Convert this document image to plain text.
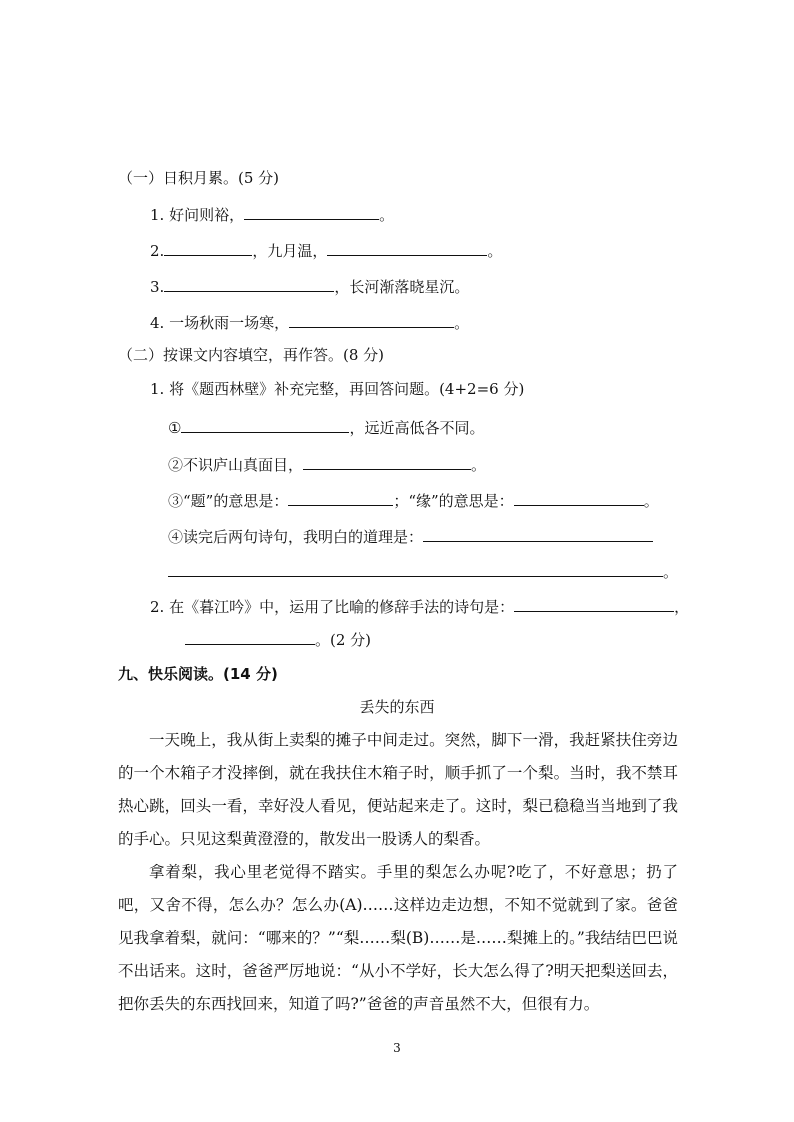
（一）日积月累。(5 分)
1. 好问则裕，	。
2.	，九月温，	。
3.	，长河渐落晓星沉。
4. 一场秋雨一场寒，	。
（二）按课文内容填空，再作答。(8 分)
1. 将《题西林壁》补充完整，再回答问题。(4+2=6 分)
①	，远近高低各不同。
②不识庐山真面目，	。
③“题”的意思是：	；“缘”的意思是：	。
④读完后两句诗句，我明白的道理是：
。
2. 在《暮江吟》中，运用了比喻的修辞手法的诗句是：	，
。(2 分)
九、快乐阅读。(14 分)
丢失的东西
一天晚上，我从街上卖梨的摊子中间走过。突然，脚下一滑，我赶紧扶住旁边的一个木箱子才没摔倒，就在我扶住木箱子时，顺手抓了一个梨。当时，我不禁耳热心跳，回头一看，幸好没人看见，便站起来走了。这时，梨已稳稳当当地到了我的手心。只见这梨黄澄澄的，散发出一股诱人的梨香。
拿着梨，我心里老觉得不踏实。手里的梨怎么办呢?吃了，不好意思；扔了吧，又舍不得，怎么办？怎么办(A)……这样边走边想，不知不觉就到了家。爸爸见我拿着梨，就问：“哪来的？”“梨……梨(B)……是……梨摊上的。”我结结巴巴说不出话来。这时，爸爸严厉地说：“从小不学好，长大怎么得了?明天把梨送回去，把你丢失的东西找回来，知道了吗?”爸爸的声音虽然不大，但很有力。
3
